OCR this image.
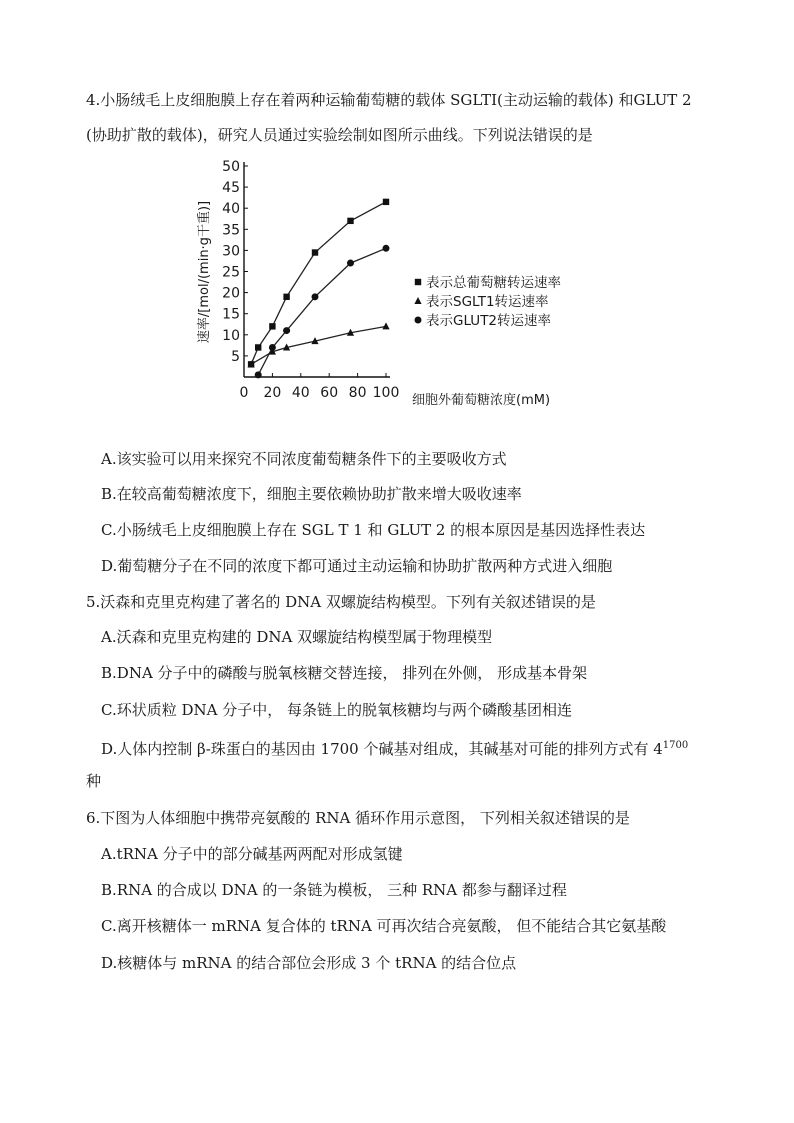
4.小肠绒毛上皮细胞膜上存在着两种运输葡萄糖的载体 SGLTI(主动运输的载体) 和GLUT 2
(协助扩散的载体)，研究人员通过实验绘制如图所示曲线。下列说法错误的是
5
10
15
20
25
30
35
40
45
50
0 20 40 60 80 100
速率/[mol/(min·g干重)]
细胞外葡萄糖浓度(mM)
表示总葡萄糖转运速率
表示SGLT1转运速率
表示GLUT2转运速率
A.该实验可以用来探究不同浓度葡萄糖条件下的主要吸收方式
B.在较高葡萄糖浓度下，细胞主要依赖协助扩散来增大吸收速率
C.小肠绒毛上皮细胞膜上存在 SGL T 1 和 GLUT 2 的根本原因是基因选择性表达
D.葡萄糖分子在不同的浓度下都可通过主动运输和协助扩散两种方式进入细胞
5.沃森和克里克构建了著名的 DNA 双螺旋结构模型。下列有关叙述错误的是
A.沃森和克里克构建的 DNA 双螺旋结构模型属于物理模型
B.DNA 分子中的磷酸与脱氧核糖交替连接， 排列在外侧， 形成基本骨架
C.环状质粒 DNA 分子中， 每条链上的脱氧核糖均与两个磷酸基团相连
D.人体内控制 β-珠蛋白的基因由 1700 个碱基对组成，其碱基对可能的排列方式有 $4^{1700}$
种
6.下图为人体细胞中携带亮氨酸的 RNA 循环作用示意图， 下列相关叙述错误的是
A.tRNA 分子中的部分碱基两两配对形成氢键
B.RNA 的合成以 DNA 的一条链为模板， 三种 RNA 都参与翻译过程
C.离开核糖体一 mRNA 复合体的 tRNA 可再次结合亮氨酸， 但不能结合其它氨基酸
D.核糖体与 mRNA 的结合部位会形成 3 个 tRNA 的结合位点
